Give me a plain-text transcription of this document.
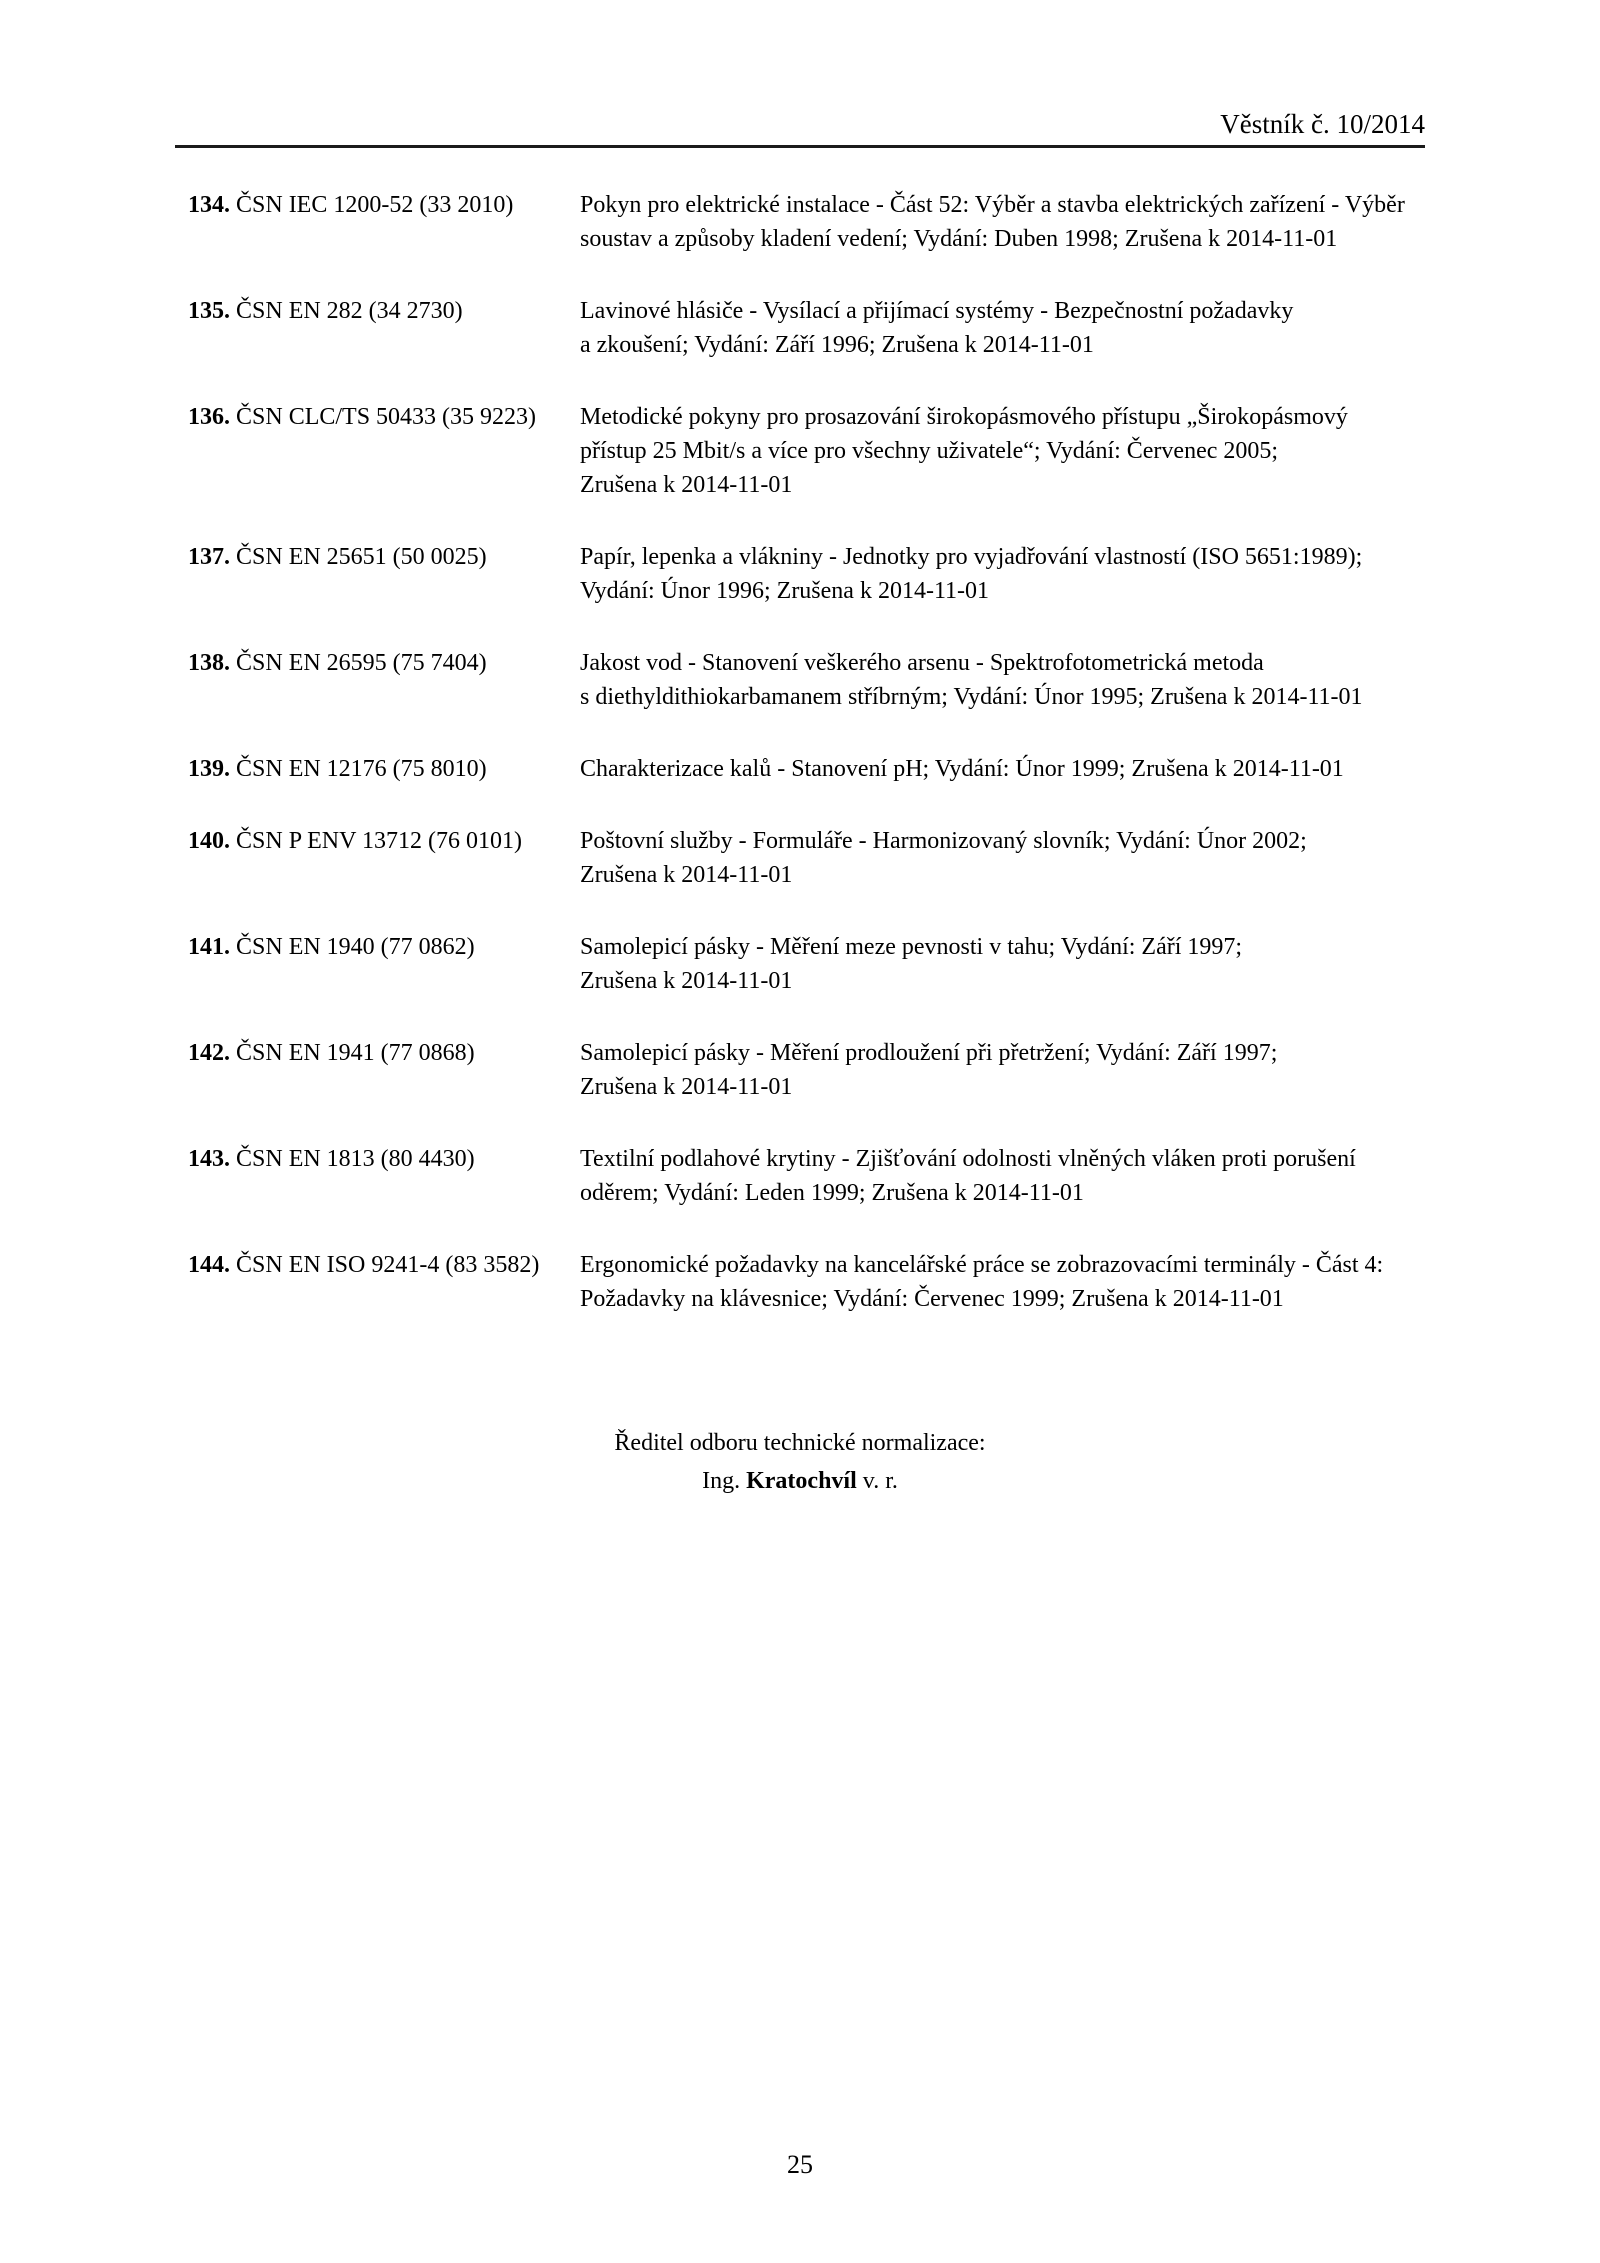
Věstník č. 10/2014
134. ČSN IEC 1200-52 (33 2010)	Pokyn pro elektrické instalace - Část 52: Výběr a stavba elektrických zařízení - Výběr
soustav a způsoby kladení vedení; Vydání: Duben 1998; Zrušena k 2014-11-01
135. ČSN EN 282 (34 2730)	Lavinové hlásiče - Vysílací a přijímací systémy - Bezpečnostní požadavky
a zkoušení; Vydání: Září 1996; Zrušena k 2014-11-01
136. ČSN CLC/TS 50433 (35 9223)	Metodické pokyny pro prosazování širokopásmového přístupu „Širokopásmový
přístup 25 Mbit/s a více pro všechny uživatele“; Vydání: Červenec 2005;
Zrušena k 2014-11-01
137. ČSN EN 25651 (50 0025)	Papír, lepenka a vlákniny - Jednotky pro vyjadřování vlastností (ISO 5651:1989);
Vydání: Únor 1996; Zrušena k 2014-11-01
138. ČSN EN 26595 (75 7404)	Jakost vod - Stanovení veškerého arsenu - Spektrofotometrická metoda
s diethyldithiokarbamanem stříbrným; Vydání: Únor 1995; Zrušena k 2014-11-01
139. ČSN EN 12176 (75 8010)	Charakterizace kalů - Stanovení pH; Vydání: Únor 1999; Zrušena k 2014-11-01
140. ČSN P ENV 13712 (76 0101)	Poštovní služby - Formuláře - Harmonizovaný slovník; Vydání: Únor 2002;
Zrušena k 2014-11-01
141. ČSN EN 1940 (77 0862)	Samolepicí pásky - Měření meze pevnosti v tahu; Vydání: Září 1997;
Zrušena k 2014-11-01
142. ČSN EN 1941 (77 0868)	Samolepicí pásky - Měření prodloužení při přetržení; Vydání: Září 1997;
Zrušena k 2014-11-01
143. ČSN EN 1813 (80 4430)	Textilní podlahové krytiny - Zjišťování odolnosti vlněných vláken proti porušení
oděrem; Vydání: Leden 1999; Zrušena k 2014-11-01
144. ČSN EN ISO 9241-4 (83 3582)	Ergonomické požadavky na kancelářské práce se zobrazovacími terminály - Část 4:
Požadavky na klávesnice; Vydání: Červenec 1999; Zrušena k 2014-11-01
Ředitel odboru technické normalizace:
Ing. Kratochvíl v. r.
25
